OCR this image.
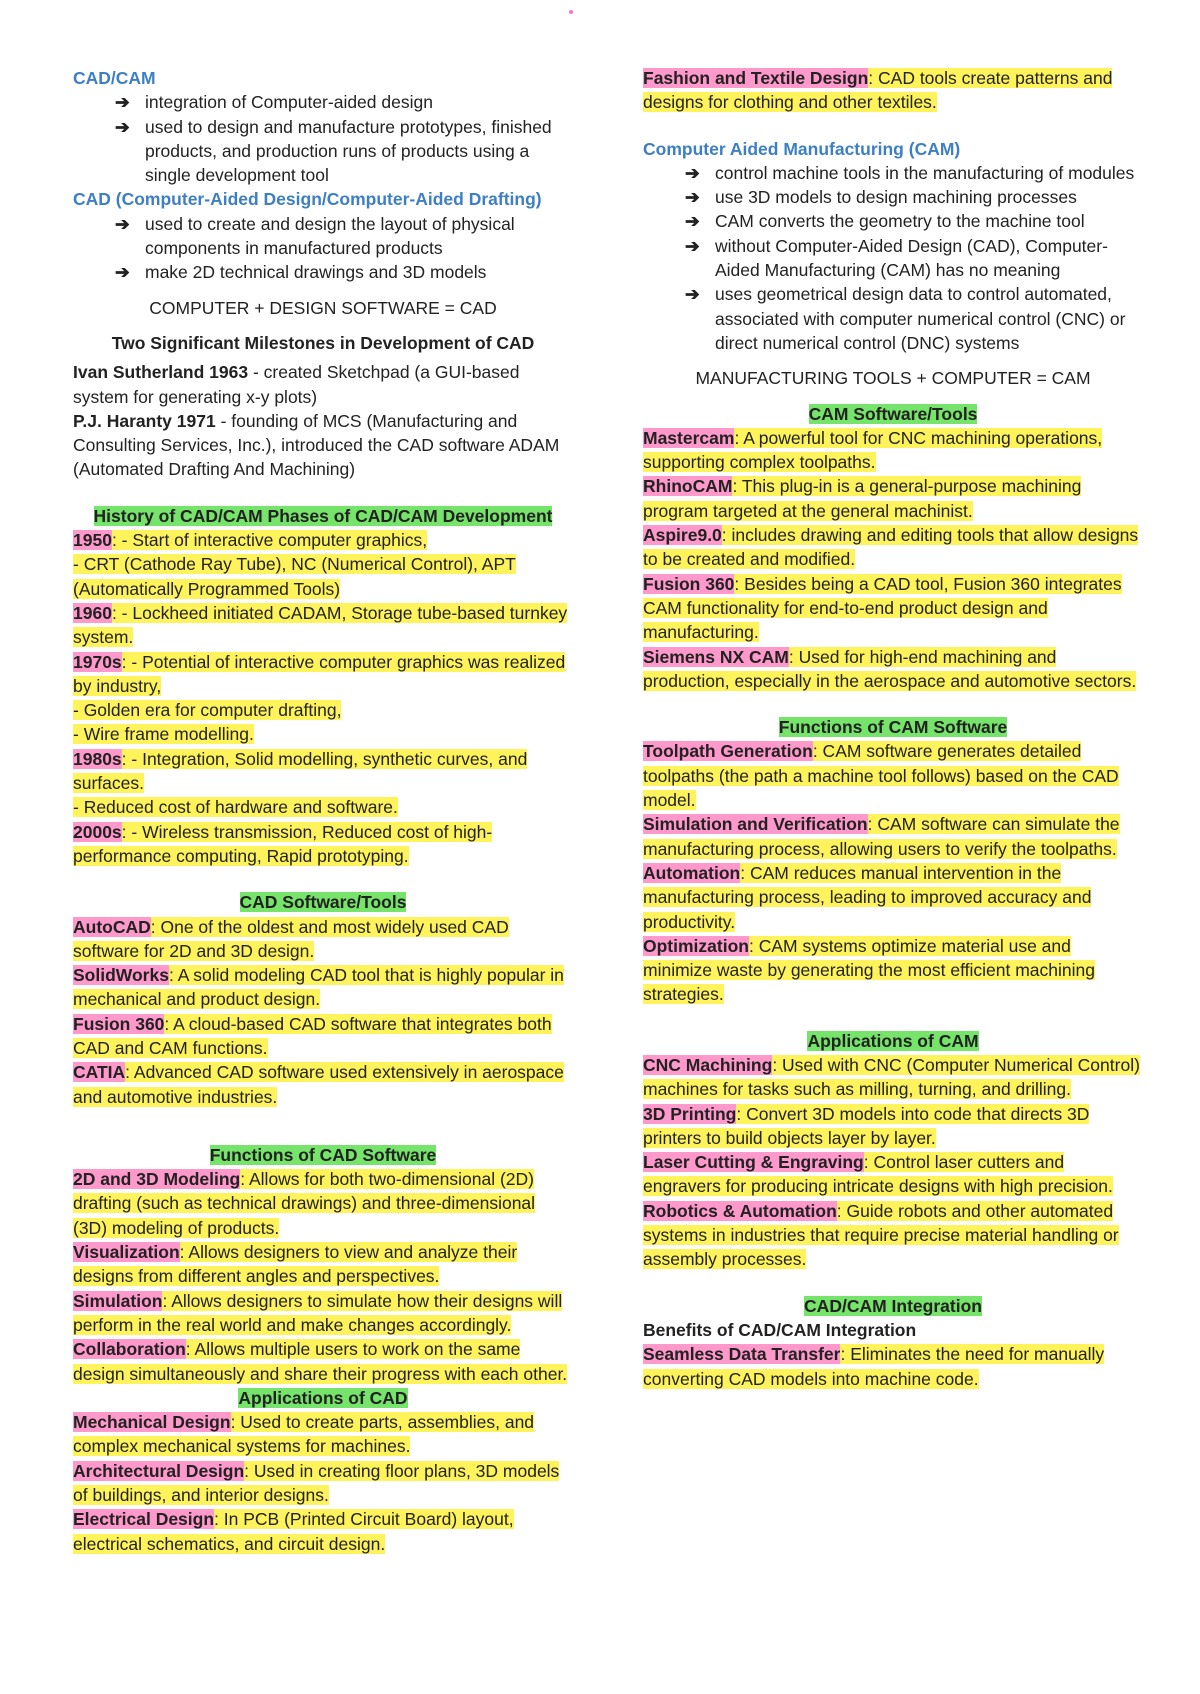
CAD/CAM

➔ integration of Computer-aided design
➔ used to design and manufacture prototypes, finished products, and production runs of products using a single development tool

CAD (Computer-Aided Design/Computer-Aided Drafting)

➔ used to create and design the layout of physical components in manufactured products
➔ make 2D technical drawings and 3D models

COMPUTER + DESIGN SOFTWARE = CAD

Two Significant Milestones in Development of CAD

Ivan Sutherland 1963 - created Sketchpad (a GUI-based system for generating x-y plots)

P.J. Haranty 1971 - founding of MCS (Manufacturing and Consulting Services, Inc.), introduced the CAD software ADAM (Automated Drafting And Machining)

History of CAD/CAM Phases of CAD/CAM Development

1950: - Start of interactive computer graphics,
- CRT (Cathode Ray Tube), NC (Numerical Control), APT (Automatically Programmed Tools)

1960: - Lockheed initiated CADAM, Storage tube-based turnkey system.

1970s: - Potential of interactive computer graphics was realized by industry,
- Golden era for computer drafting,
- Wire frame modelling.

1980s: - Integration, Solid modelling, synthetic curves, and surfaces.
- Reduced cost of hardware and software.

2000s: - Wireless transmission, Reduced cost of high-performance computing, Rapid prototyping.

CAD Software/Tools

AutoCAD: One of the oldest and most widely used CAD software for 2D and 3D design.

SolidWorks: A solid modeling CAD tool that is highly popular in mechanical and product design.

Fusion 360: A cloud-based CAD software that integrates both CAD and CAM functions.

CATIA: Advanced CAD software used extensively in aerospace and automotive industries.

Functions of CAD Software

2D and 3D Modeling: Allows for both two-dimensional (2D) drafting (such as technical drawings) and three-dimensional (3D) modeling of products.

Visualization: Allows designers to view and analyze their designs from different angles and perspectives.

Simulation: Allows designers to simulate how their designs will perform in the real world and make changes accordingly.

Collaboration: Allows multiple users to work on the same design simultaneously and share their progress with each other.

Applications of CAD

Mechanical Design: Used to create parts, assemblies, and complex mechanical systems for machines.

Architectural Design: Used in creating floor plans, 3D models of buildings, and interior designs.

Electrical Design: In PCB (Printed Circuit Board) layout, electrical schematics, and circuit design.

Fashion and Textile Design: CAD tools create patterns and designs for clothing and other textiles.

Computer Aided Manufacturing (CAM)

➔ control machine tools in the manufacturing of modules
➔ use 3D models to design machining processes
➔ CAM converts the geometry to the machine tool
➔ without Computer-Aided Design (CAD), Computer-Aided Manufacturing (CAM) has no meaning
➔ uses geometrical design data to control automated, associated with computer numerical control (CNC) or direct numerical control (DNC) systems

MANUFACTURING TOOLS + COMPUTER = CAM

CAM Software/Tools

Mastercam: A powerful tool for CNC machining operations, supporting complex toolpaths.

RhinoCAM: This plug-in is a general-purpose machining program targeted at the general machinist.

Aspire9.0: includes drawing and editing tools that allow designs to be created and modified.

Fusion 360: Besides being a CAD tool, Fusion 360 integrates CAM functionality for end-to-end product design and manufacturing.

Siemens NX CAM: Used for high-end machining and production, especially in the aerospace and automotive sectors.

Functions of CAM Software

Toolpath Generation: CAM software generates detailed toolpaths (the path a machine tool follows) based on the CAD model.

Simulation and Verification: CAM software can simulate the manufacturing process, allowing users to verify the toolpaths.

Automation: CAM reduces manual intervention in the manufacturing process, leading to improved accuracy and productivity.

Optimization: CAM systems optimize material use and minimize waste by generating the most efficient machining strategies.

Applications of CAM

CNC Machining: Used with CNC (Computer Numerical Control) machines for tasks such as milling, turning, and drilling.

3D Printing: Convert 3D models into code that directs 3D printers to build objects layer by layer.

Laser Cutting & Engraving: Control laser cutters and engravers for producing intricate designs with high precision.

Robotics & Automation: Guide robots and other automated systems in industries that require precise material handling or assembly processes.

CAD/CAM Integration

Benefits of CAD/CAM Integration

Seamless Data Transfer: Eliminates the need for manually converting CAD models into machine code.
